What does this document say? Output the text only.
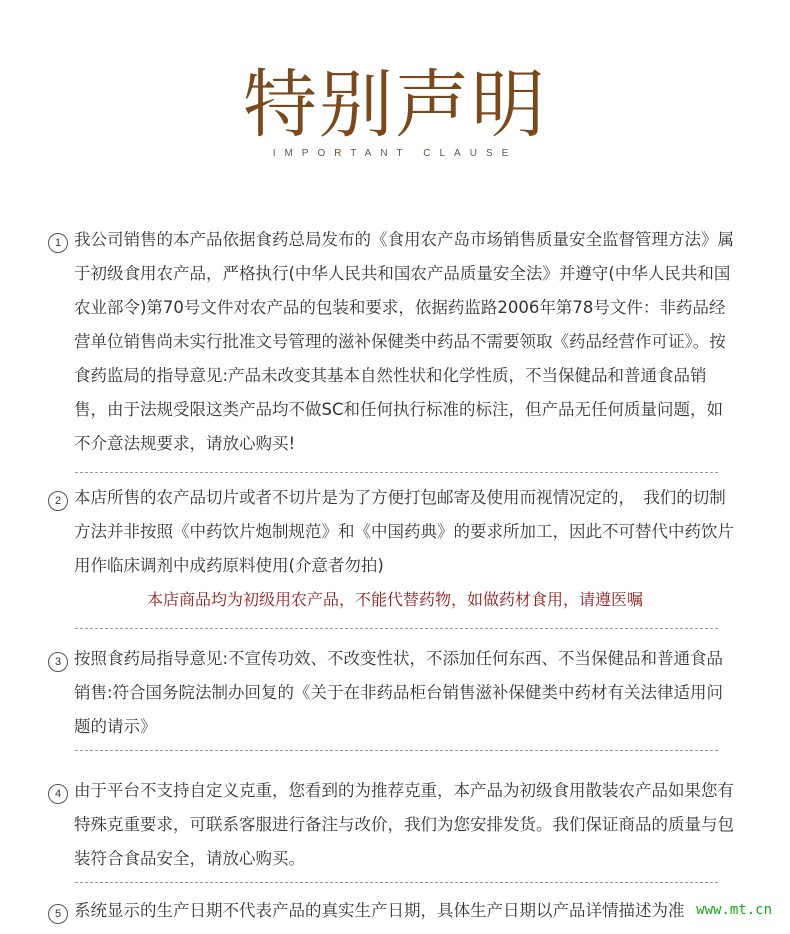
特别声明
IMPORTANT CLAUSE
1 我公司销售的本产品依据食药总局发布的《食用农产岛市场销售质量安全监督管理方法》属于初级食用农产品，严格执行(中华人民共和国农产品质量安全法》并遵守(中华人民共和国农业部令)第70号文件对农产品的包装和要求，依据药监路2006年第78号文件：非药品经营单位销售尚未实行批准文号管理的滋补保健类中药品不需要领取《药品经营作可证》。按食药监局的指导意见:产品未改变其基本自然性状和化学性质，不当保健品和普通食品销售，由于法规受限这类产品均不做SC和任何执行标准的标注，但产品无任何质量问题，如不介意法规要求，请放心购买!
2 本店所售的农产品切片或者不切片是为了方便打包邮寄及使用而视情况定的，　我们的切制方法并非按照《中药饮片炮制规范》和《中国药典》的要求所加工，因此不可替代中药饮片用作临床调剂中成药原料使用(介意者勿拍)
本店商品均为初级用农产品，不能代替药物，如做药材食用，请遵医嘱
3 按照食药局指导意见:不宣传功效、不改变性状，不添加任何东西、不当保健品和普通食品销售:符合国务院法制办回复的《关于在非药品柜台销售滋补保健类中药材有关法律适用问题的请示》
4 由于平台不支持自定义克重，您看到的为推荐克重，本产品为初级食用散装农产品如果您有特殊克重要求，可联系客服进行备注与改价，我们为您安排发货。我们保证商品的质量与包装符合食品安全，请放心购买。
5 系统显示的生产日期不代表产品的真实生产日期，具体生产日期以产品详情描述为准 www.mt.cn
